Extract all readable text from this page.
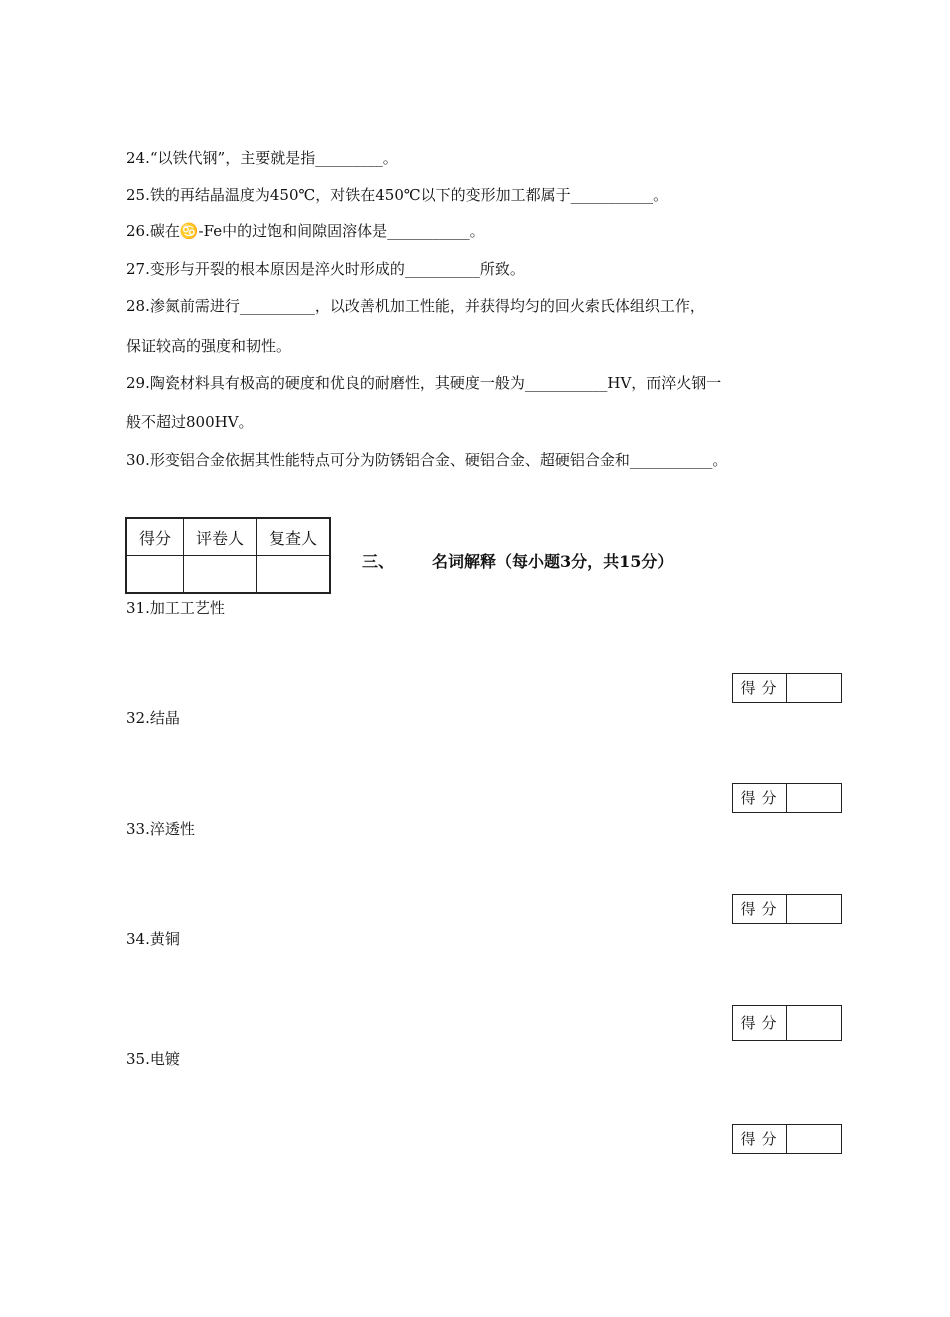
24.“以铁代钢”，主要就是指_________。
25.铁的再结晶温度为450℃，对铁在450℃以下的变形加工都属于___________。
26.碳在♋-Fe中的过饱和间隙固溶体是___________。
27.变形与开裂的根本原因是淬火时形成的__________所致。
28.渗氮前需进行__________，以改善机加工性能，并获得均匀的回火索氏体组织工作，
保证较高的强度和韧性。
29.陶瓷材料具有极高的硬度和优良的耐磨性，其硬度一般为___________HV，而淬火钢一
般不超过800HV。
30.形变铝合金依据其性能特点可分为防锈铝合金、硬铝合金、超硬铝合金和___________。
得分	评卷人	复查人

三、 名词解释（每小题3分，共15分）
31.加工工艺性
得分
32.结晶
得分
33.淬透性
得分
34.黄铜
得分
35.电镀
得分
